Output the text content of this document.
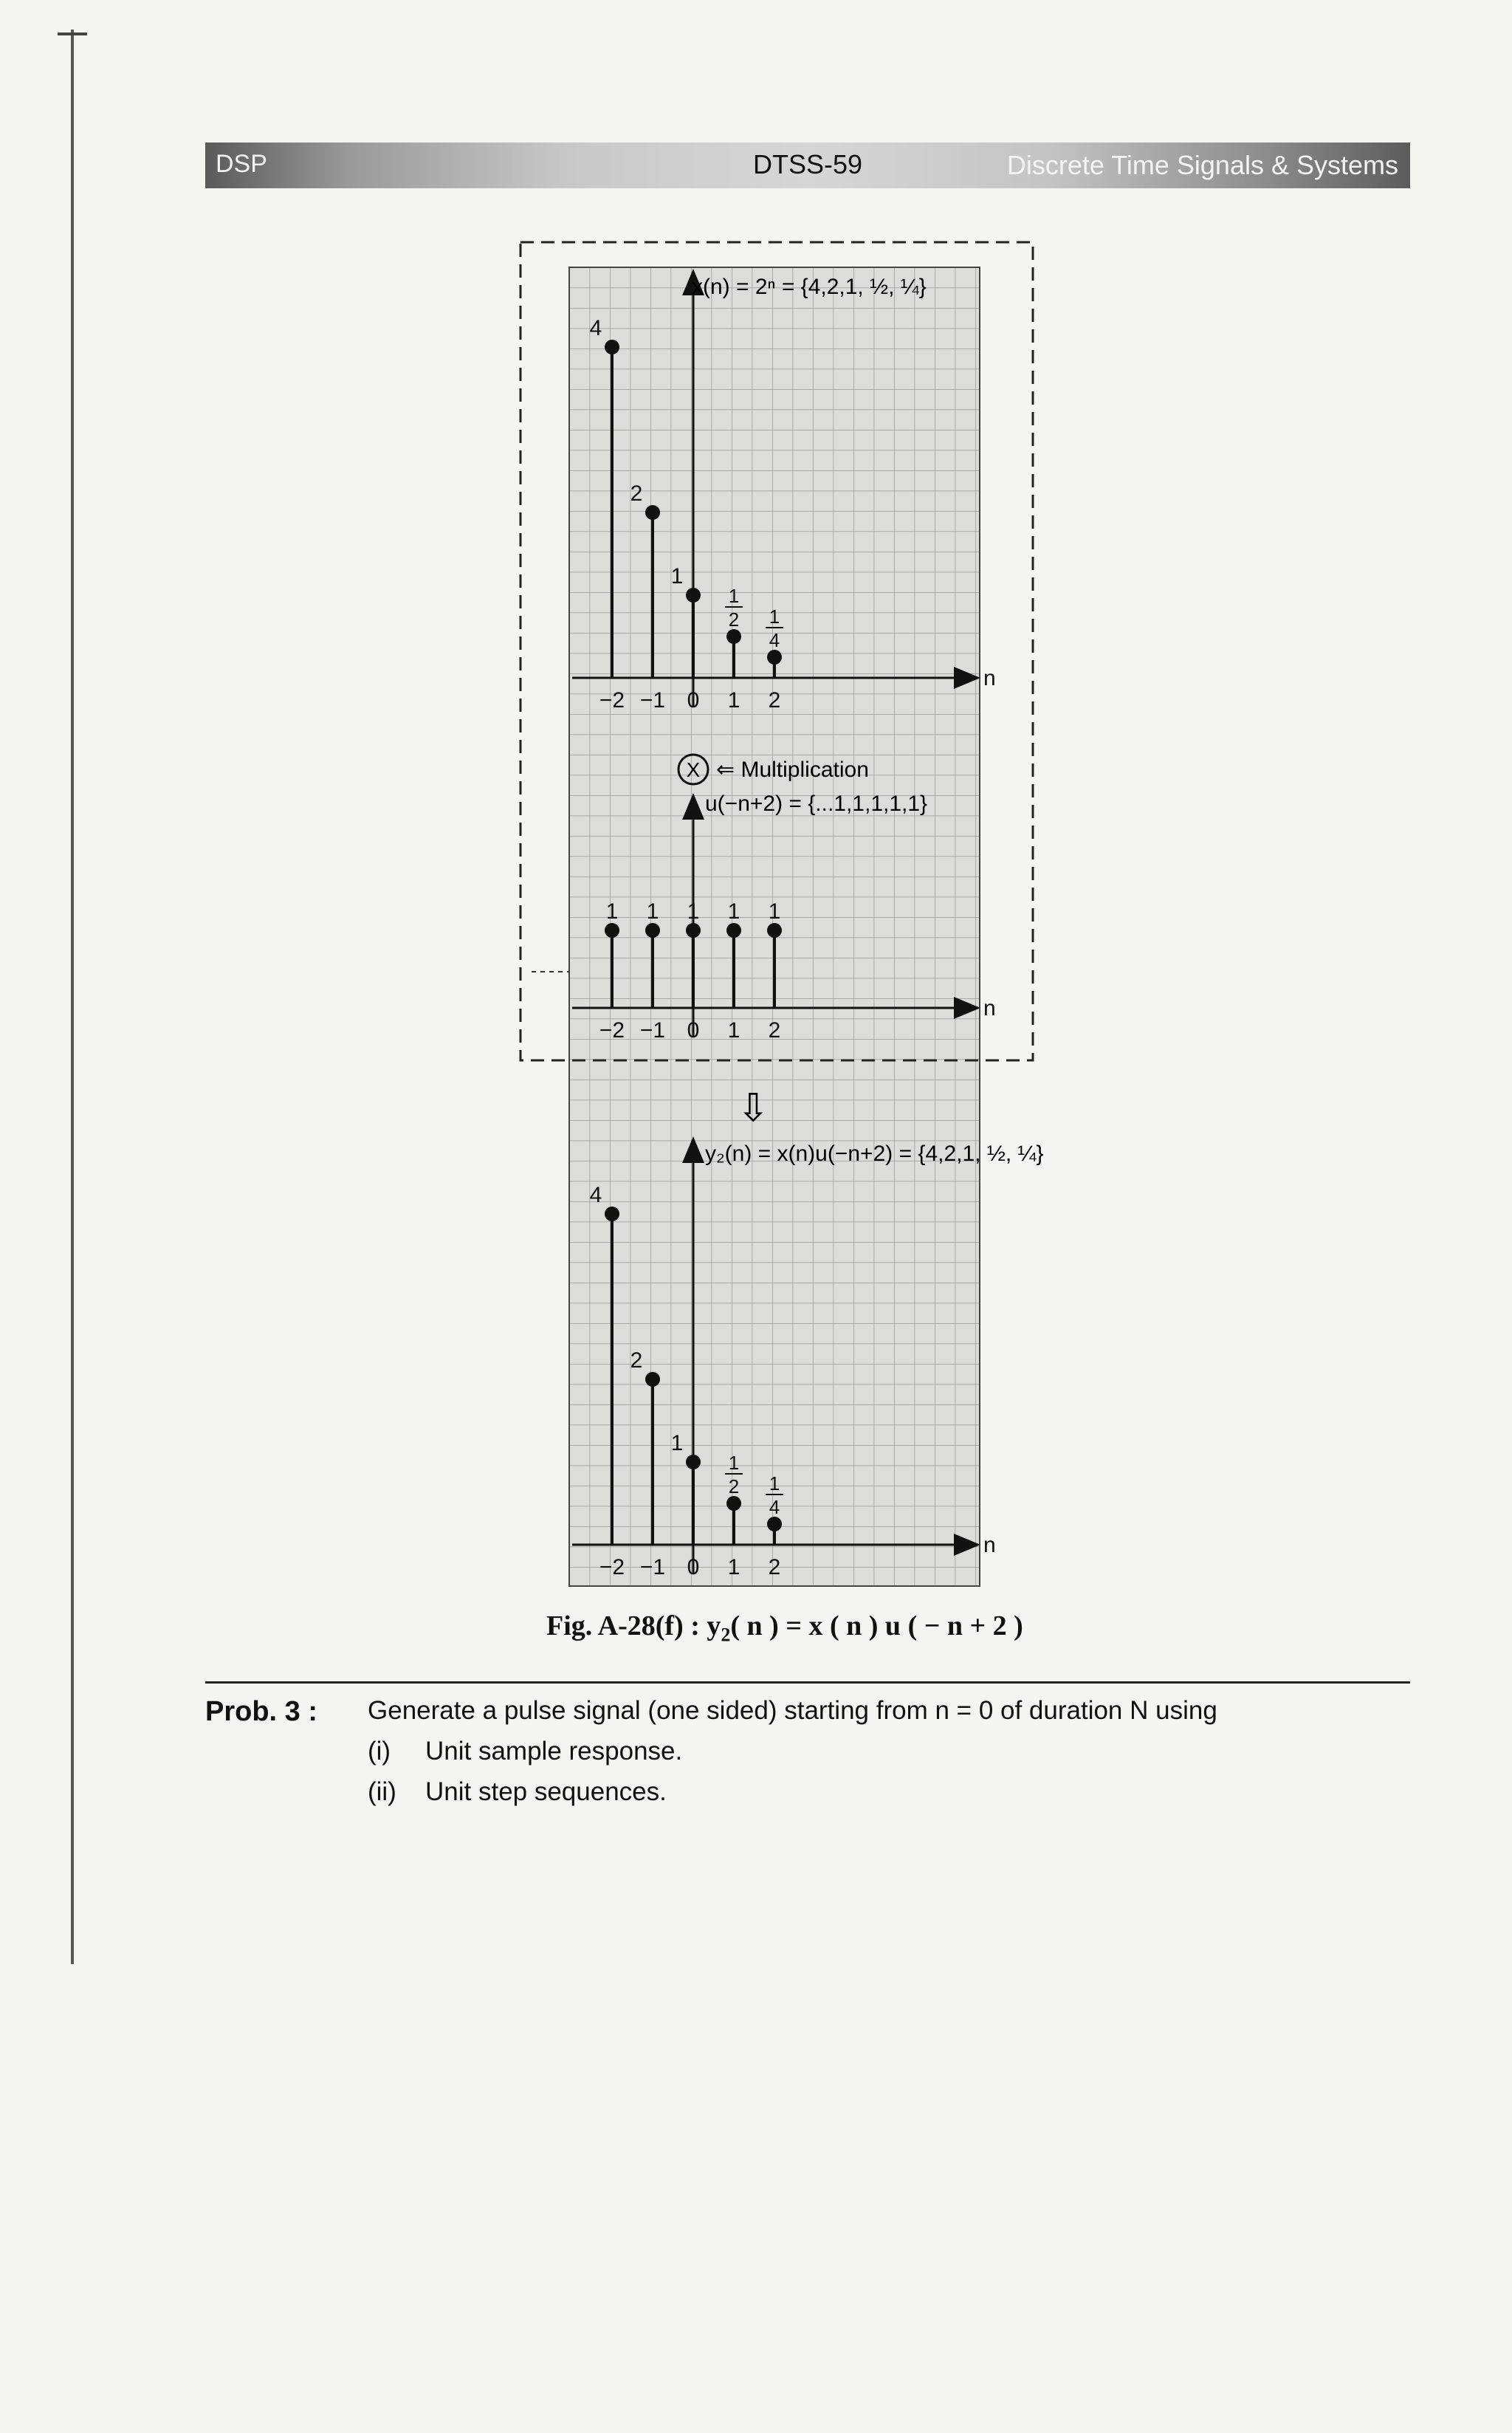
DSP	DTSS-59	Discrete Time Signals & Systems
n
4
−2
2
−1
1
0
1
2
1
1
4
2
n
1
−2
1
−1
1
0
1
1
1
2
n
4
−2
2
−1
1
0
1
2
1
1
4
2
x(n) = 2ⁿ = {4,2,1, ½, ¼}
X ⇐ Multiplication
u(−n+2) = {...1,1,1,1,1}
⇩
y₂(n) = x(n)u(−n+2) = {4,2,1, ½, ¼}
Fig. A-28(f) : $y_2$( n ) = x ( n ) u ( − n + 2 )
Prob. 3 : Generate a pulse signal (one sided) starting from n = 0 of duration N using
(i) Unit sample response.
(ii) Unit step sequences.
